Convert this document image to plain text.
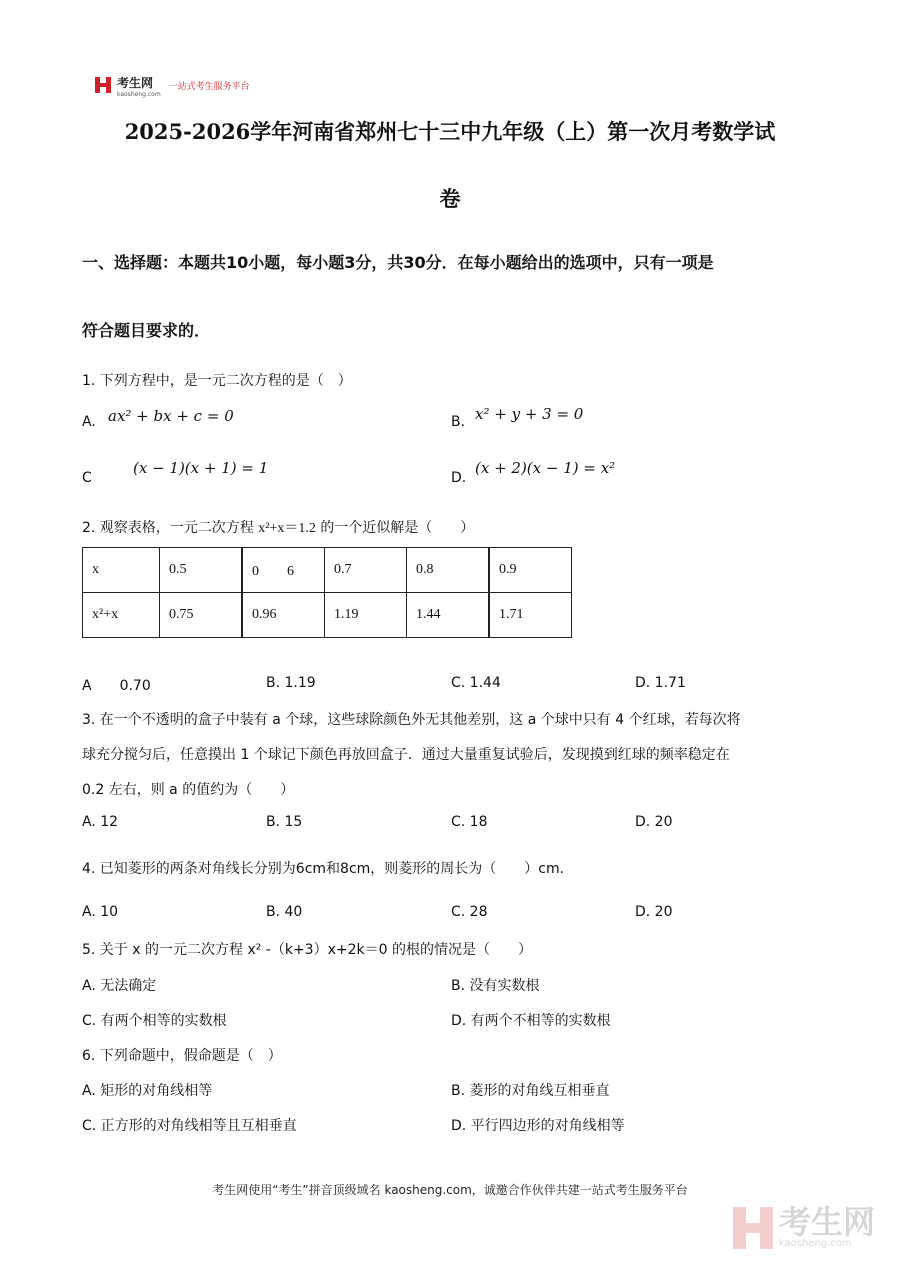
考生网
kaosheng.com
一站式考生服务平台
2025-2026学年河南省郑州七十三中九年级（上）第一次月考数学试
卷
一、选择题：本题共10小题，每小题3分，共30分．在每小题给出的选项中，只有一项是
符合题目要求的．
1. 下列方程中，是一元二次方程的是（　）
A. ax² + bx + c = 0	B. x² + y + 3 = 0
C
(x − 1)(x + 1) = 1
D.
(x + 2)(x − 1) = x²
2. 观察表格，一元二次方程 x²+x＝1.2 的一个近似解是（　　）
x	0.5	0　　6	0.7	0.8	0.9
x²+x	0.75	0.96	1.19	1.44	1.71
A　　0.70	B. 1.19	C. 1.44	D. 1.71
3. 在一个不透明的盒子中装有 a 个球，这些球除颜色外无其他差别，这 a 个球中只有 4 个红球，若每次将
球充分搅匀后，任意摸出 1 个球记下颜色再放回盒子．通过大量重复试验后，发现摸到红球的频率稳定在
0.2 左右，则 a 的值约为（　　）
A. 12	B. 15	C. 18	D. 20
4. 已知菱形的两条对角线长分别为6cm和8cm，则菱形的周长为（　　）cm．
A. 10	B. 40	C. 28	D. 20
5. 关于 x 的一元二次方程 x² -（k+3）x+2k＝0 的根的情况是（　　）
A. 无法确定	B. 没有实数根
C. 有两个相等的实数根	D. 有两个不相等的实数根
6. 下列命题中，假命题是（　）
A. 矩形的对角线相等	B. 菱形的对角线互相垂直
C. 正方形的对角线相等且互相垂直	D. 平行四边形的对角线相等
考生网使用“考生”拼音顶级域名 kaosheng.com，诚邀合作伙伴共建一站式考生服务平台
考生网
kaosheng.com
